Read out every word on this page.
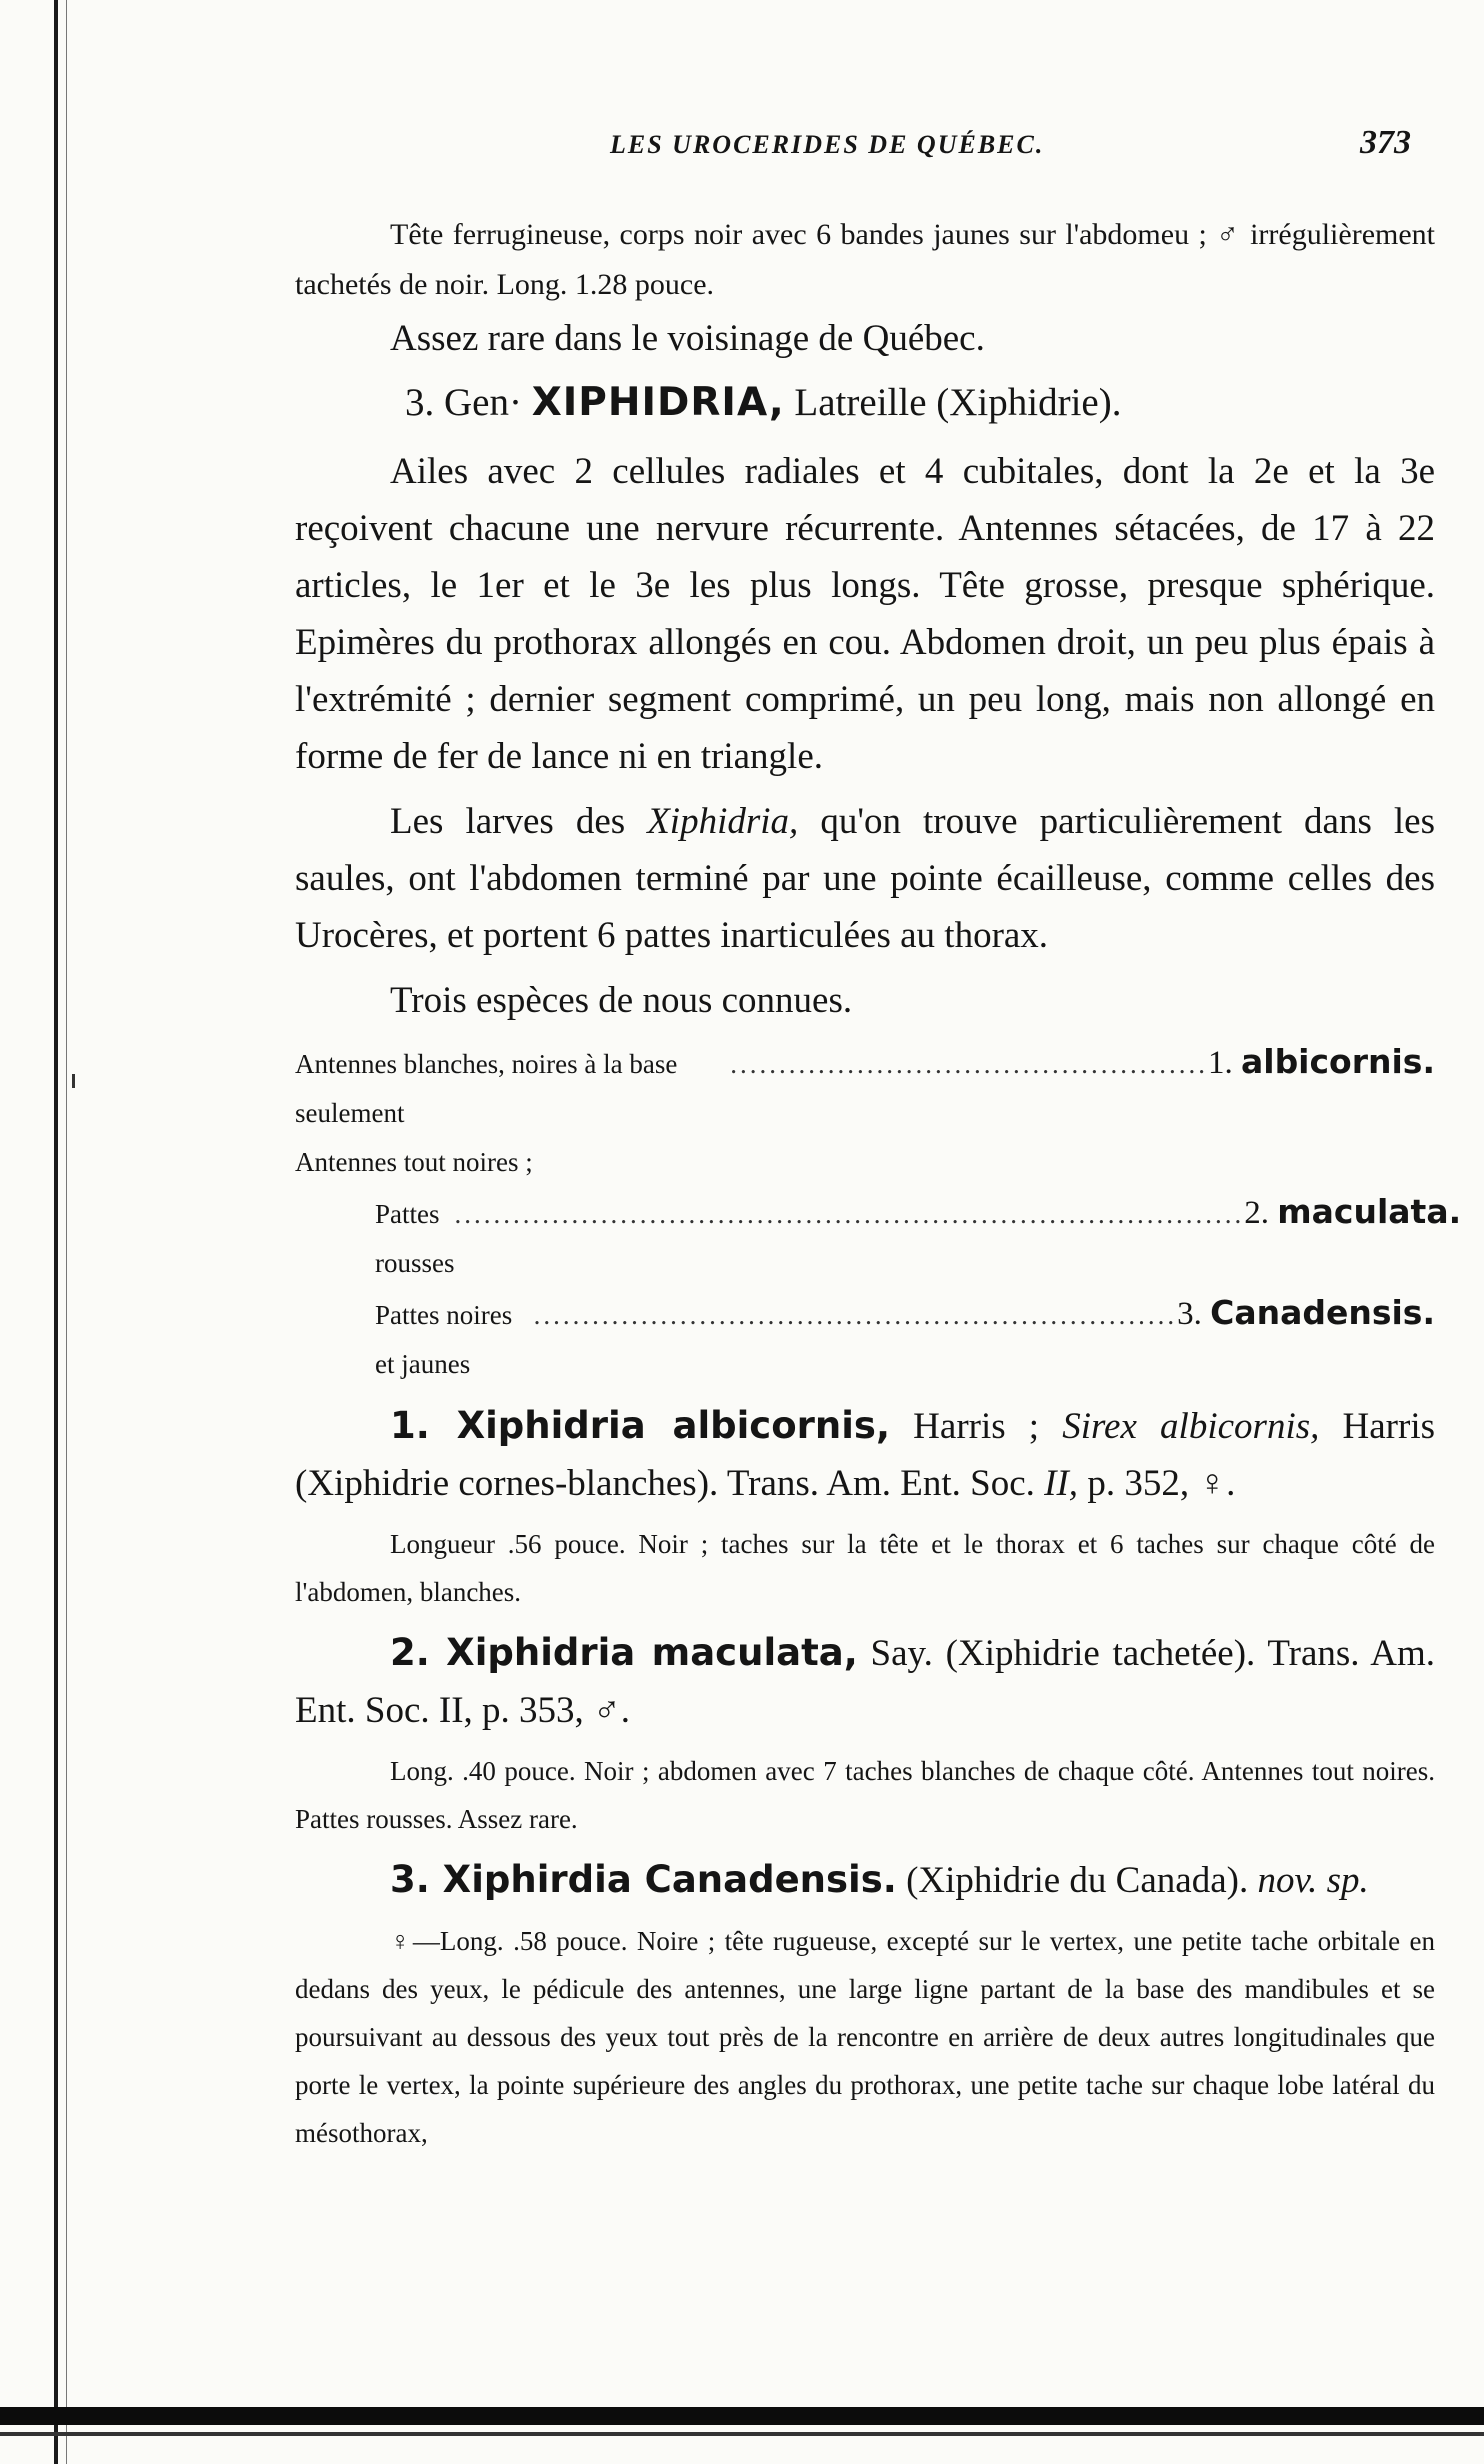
LES UROCERIDES DE QUÉBEC.	373

Tête ferrugineuse, corps noir avec 6 bandes jaunes sur l'abdomeu ; ♂ irrégulièrement tachetés de noir. Long. 1.28 pouce.

Assez rare dans le voisinage de Québec.

3. Gen· XIPHIDRIA, Latreille (Xiphidrie).

Ailes avec 2 cellules radiales et 4 cubitales, dont la 2e et la 3e reçoivent chacune une nervure récurrente. Antennes sétacées, de 17 à 22 articles, le 1er et le 3e les plus longs. Tête grosse, presque sphérique. Epimères du prothorax allongés en cou. Abdomen droit, un peu plus épais à l'extrémité ; dernier segment comprimé, un peu long, mais non allongé en forme de fer de lance ni en triangle.

Les larves des Xiphidria, qu'on trouve particulièrement dans les saules, ont l'abdomen terminé par une pointe écailleuse, comme celles des Urocères, et portent 6 pattes inarticulées au thorax.

Trois espèces de nous connues.

Antennes blanches, noires à la base seulement
................................................. 1. albicornis.
Antennes tout noires ;
Pattes rousses
................................................................................. 2. maculata.
Pattes noires et jaunes
.................................................................. 3. Canadensis.

1. Xiphidria albicornis, Harris ; Sirex albicornis, Harris (Xiphidrie cornes-blanches). Trans. Am. Ent. Soc. II, p. 352, ♀.

Longueur .56 pouce. Noir ; taches sur la tête et le thorax et 6 taches sur chaque côté de l'abdomen, blanches.

2. Xiphidria maculata, Say. (Xiphidrie tachetée). Trans. Am. Ent. Soc. II, p. 353, ♂.

Long. .40 pouce. Noir ; abdomen avec 7 taches blanches de chaque côté. Antennes tout noires. Pattes rousses. Assez rare.

3. Xiphirdia Canadensis. (Xiphidrie du Canada). nov. sp.

♀—Long. .58 pouce. Noire ; tête rugueuse, excepté sur le vertex, une petite tache orbitale en dedans des yeux, le pédicule des antennes, une large ligne partant de la base des mandibules et se poursuivant au dessous des yeux tout près de la rencontre en arrière de deux autres longitudinales que porte le vertex, la pointe supérieure des angles du prothorax, une petite tache sur chaque lobe latéral du mésothorax,
